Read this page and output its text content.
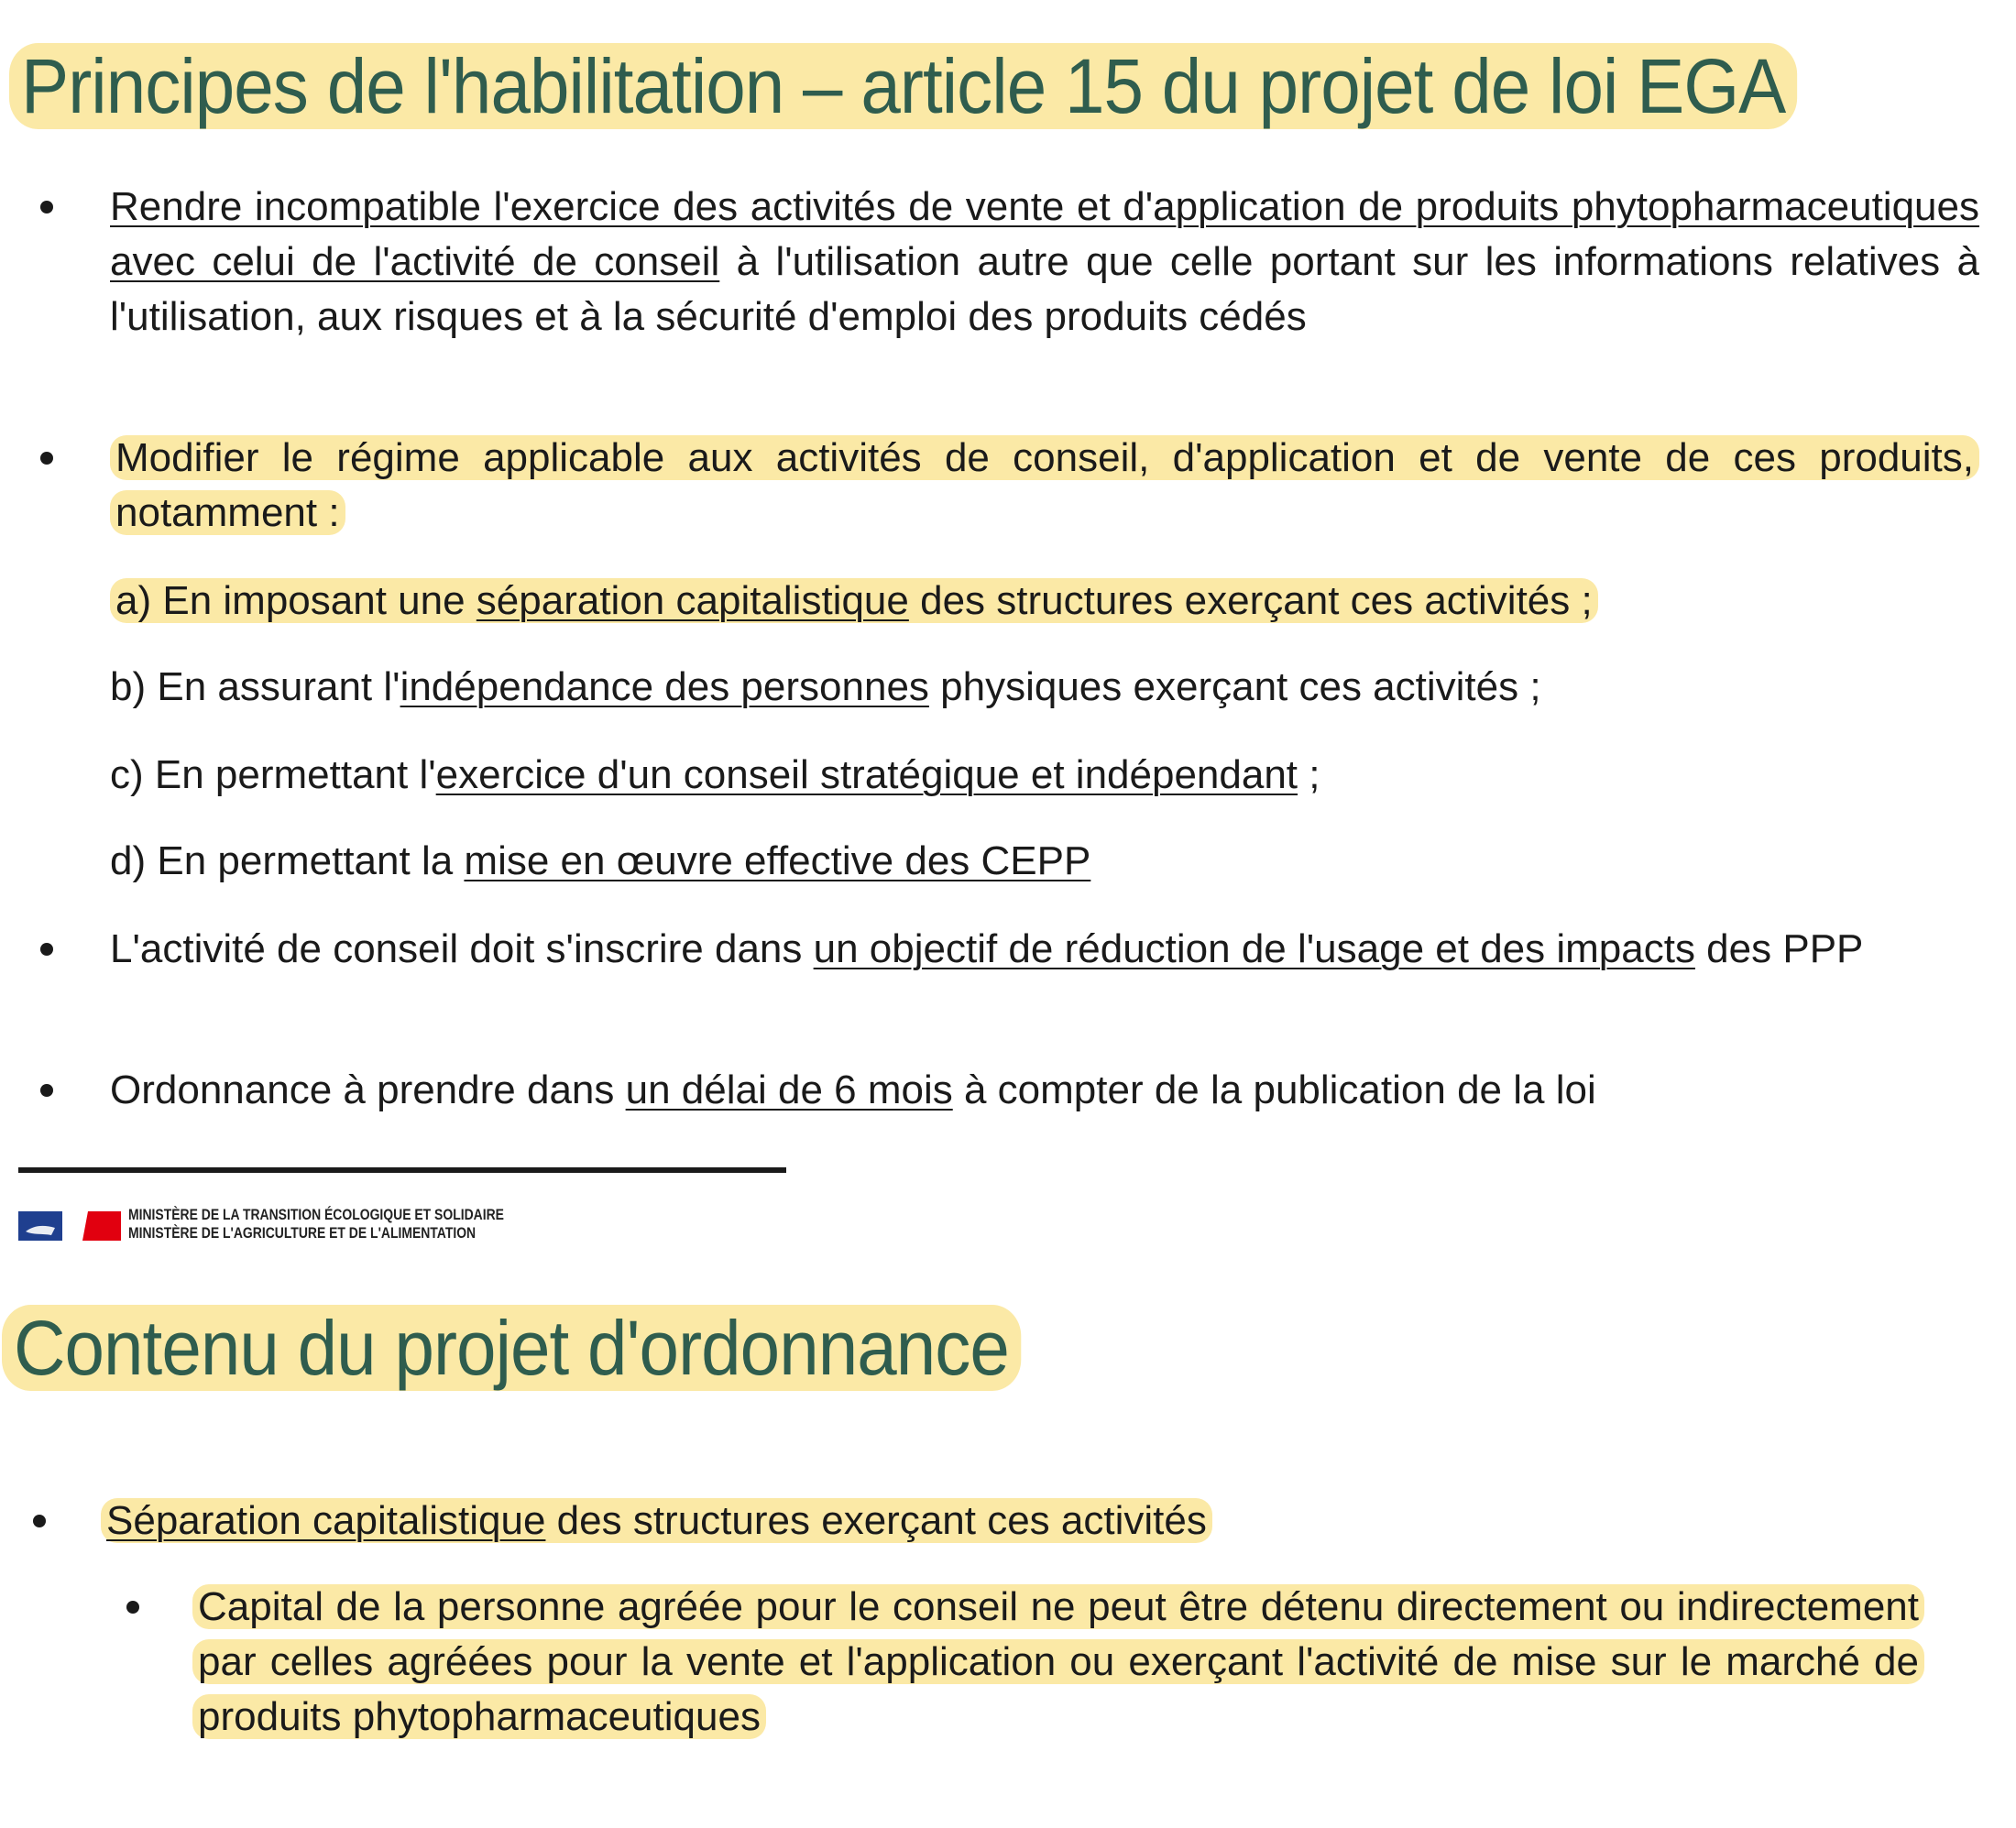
Principes de l'habilitation – article 15 du projet de loi EGA
Rendre incompatible l'exercice des activités de vente et d'application de produits phytopharmaceutiques avec celui de l'activité de conseil à l'utilisation autre que celle portant sur les informations relatives à l'utilisation, aux risques et à la sécurité d'emploi des produits cédés
Modifier le régime applicable aux activités de conseil, d'application et de vente de ces produits, notamment :
a) En imposant une séparation capitalistique des structures exerçant ces activités ;
b) En assurant l'indépendance des personnes physiques exerçant ces activités ;
c) En permettant l'exercice d'un conseil stratégique et indépendant ;
d) En permettant la mise en œuvre effective des CEPP
L'activité de conseil doit s'inscrire dans un objectif de réduction de l'usage et des impacts des PPP
Ordonnance à prendre dans un délai de 6 mois à compter de la publication de la loi
MINISTÈRE DE LA TRANSITION ÉCOLOGIQUE ET SOLIDAIRE
MINISTÈRE DE L'AGRICULTURE ET DE L'ALIMENTATION
Contenu du projet d'ordonnance
Séparation capitalistique des structures exerçant ces activités
Capital de la personne agréée pour le conseil ne peut être détenu directement ou indirectement par celles agréées pour la vente et l'application ou exerçant l'activité de mise sur le marché de produits phytopharmaceutiques
